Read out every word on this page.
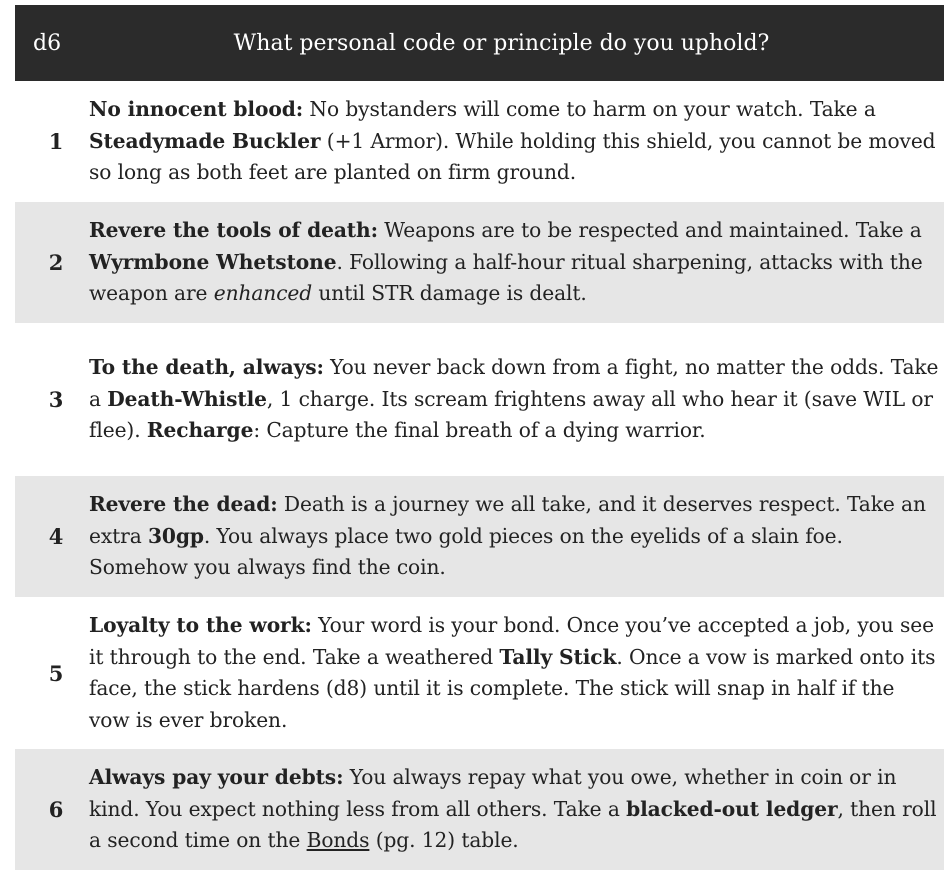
d6	What personal code or principle do you uphold?
1
No innocent blood: No bystanders will come to harm on your watch. Take a Steadymade Buckler (+1 Armor). While holding this shield, you cannot be moved so long as both feet are planted on firm ground.
2
Revere the tools of death: Weapons are to be respected and maintained. Take a Wyrmbone Whetstone. Following a half-hour ritual sharpening, attacks with the weapon are enhanced until STR damage is dealt.
3
To the death, always: You never back down from a fight, no matter the odds. Take a Death-Whistle, 1 charge. Its scream frightens away all who hear it (save WIL or flee). Recharge: Capture the final breath of a dying warrior.
4
Revere the dead: Death is a journey we all take, and it deserves respect. Take an extra 30gp. You always place two gold pieces on the eyelids of a slain foe. Somehow you always find the coin.
5
Loyalty to the work: Your word is your bond. Once you’ve accepted a job, you see it through to the end. Take a weathered Tally Stick. Once a vow is marked onto its face, the stick hardens (d8) until it is complete. The stick will snap in half if the vow is ever broken.
6
Always pay your debts: You always repay what you owe, whether in coin or in kind. You expect nothing less from all others. Take a blacked-out ledger, then roll a second time on the Bonds (pg. 12) table.
